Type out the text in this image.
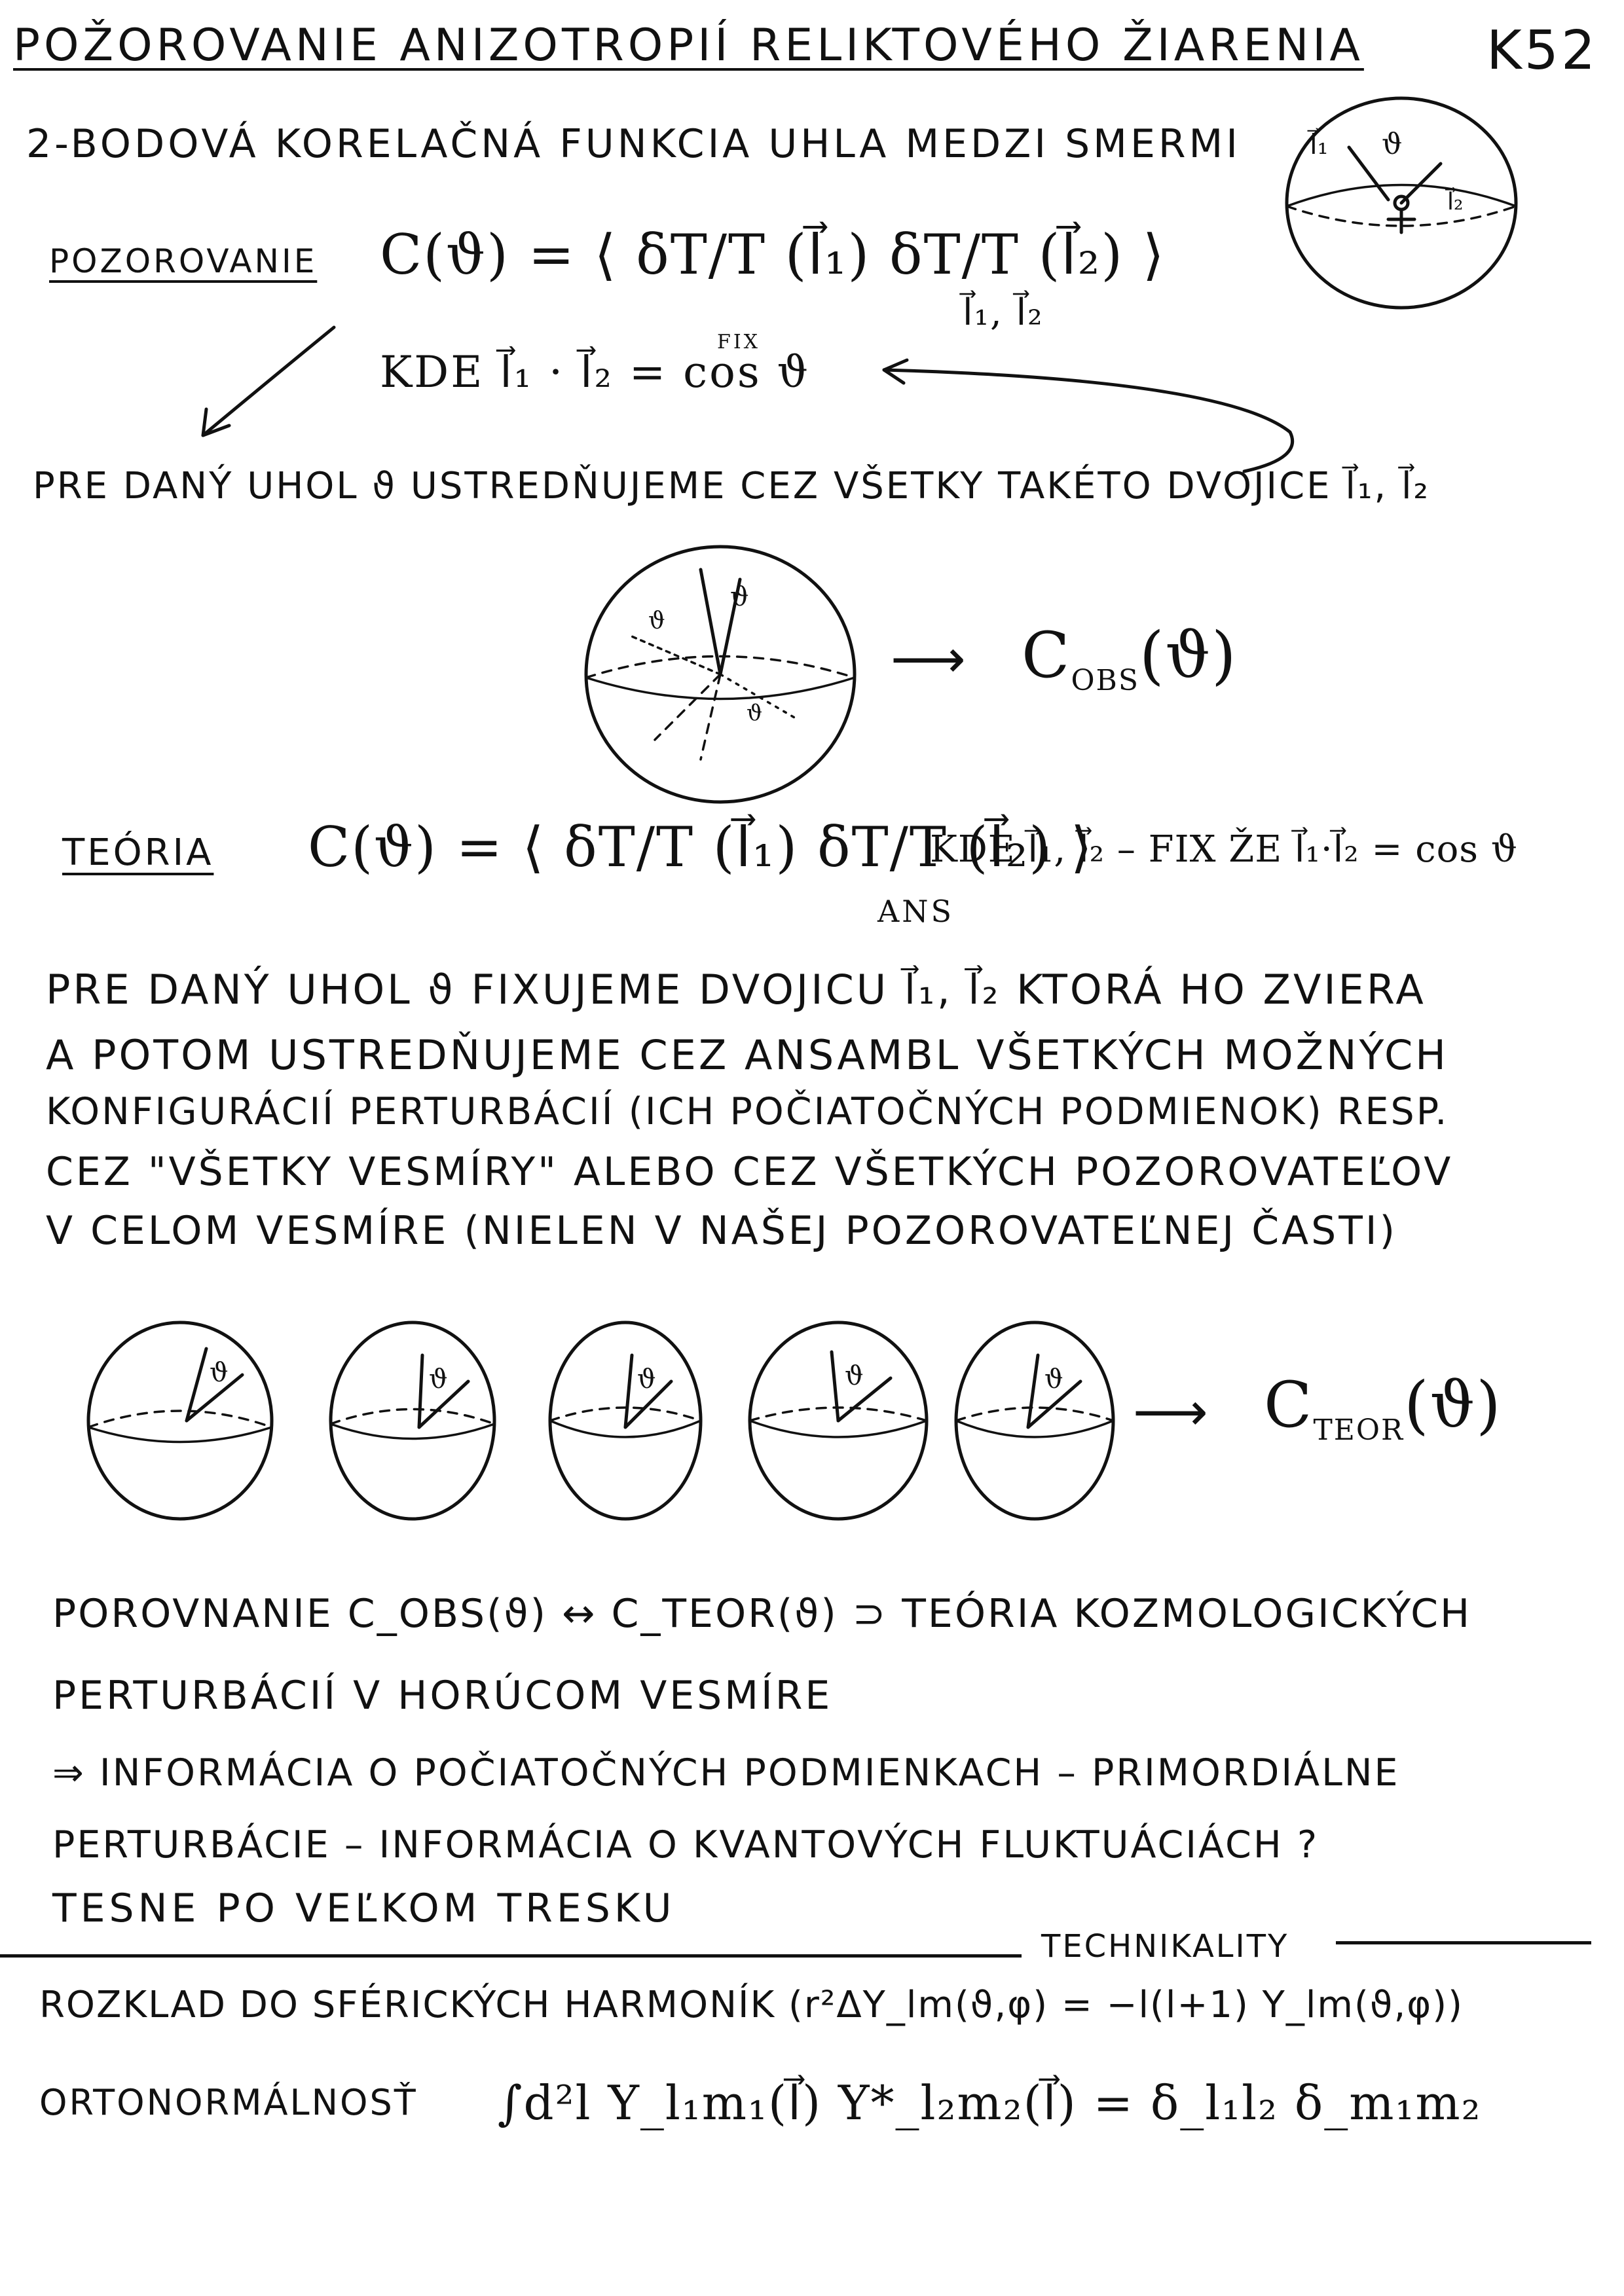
POŽOROVANIE ANIZOTROPIÍ RELIKTOVÉHO ŽIARENIA K52
2-BODOVÁ KORELAČNÁ FUNKCIA UHLA MEDZI SMERMI	l⃗₁ ϑ
l⃗₂
POZOROVANIE C(ϑ) = ⟨ δT/T (l⃗₁) δT/T (l⃗₂) ⟩
l⃗₁, l⃗₂
FIX
KDE l⃗₁ · l⃗₂ = cos ϑ
PRE DANÝ UHOL ϑ USTREDŇUJEME CEZ VŠETKY TAKÉTO DVOJICE l⃗₁, l⃗₂
ϑ
ϑ
ϑ
⟶ $C_{OBS}(ϑ)$
TEÓRIA C(ϑ) = ⟨ δT/T (l⃗₁) δT/T (l⃗₂) ⟩
ANS
KDE l⃗₁, l⃗₂ – FIX ŽE l⃗₁·l⃗₂ = cos ϑ
PRE DANÝ UHOL ϑ FIXUJEME DVOJICU l⃗₁, l⃗₂ KTORÁ HO ZVIERA
A POTOM USTREDŇUJEME CEZ ANSAMBL VŠETKÝCH MOŽNÝCH
KONFIGURÁCIÍ PERTURBÁCIÍ (ICH POČIATOČNÝCH PODMIENOK) RESP.
CEZ "VŠETKY VESMÍRY" ALEBO CEZ VŠETKÝCH POZOROVATEĽOV
V CELOM VESMÍRE (NIELEN V NAŠEJ POZOROVATEĽNEJ ČASTI)
ϑ	ϑ	ϑ	ϑ	ϑ
⟶ $C_{TEOR}(ϑ)$
POROVNANIE C_OBS(ϑ) ↔ C_TEOR(ϑ) ⊃ TEÓRIA KOZMOLOGICKÝCH
PERTURBÁCIÍ V HORÚCOM VESMÍRE
⇒ INFORMÁCIA O POČIATOČNÝCH PODMIENKACH – PRIMORDIÁLNE
PERTURBÁCIE – INFORMÁCIA O KVANTOVÝCH FLUKTUÁCIÁCH ?
TESNE PO VEĽKOM TRESKU
TECHNIKALITY
ROZKLAD DO SFÉRICKÝCH HARMONÍK (r²ΔY_lm(ϑ,φ) = −l(l+1) Y_lm(ϑ,φ))
ORTONORMÁLNOSŤ ∫d²l Y_l₁m₁(l⃗) Y*_l₂m₂(l⃗) = δ_l₁l₂ δ_m₁m₂
